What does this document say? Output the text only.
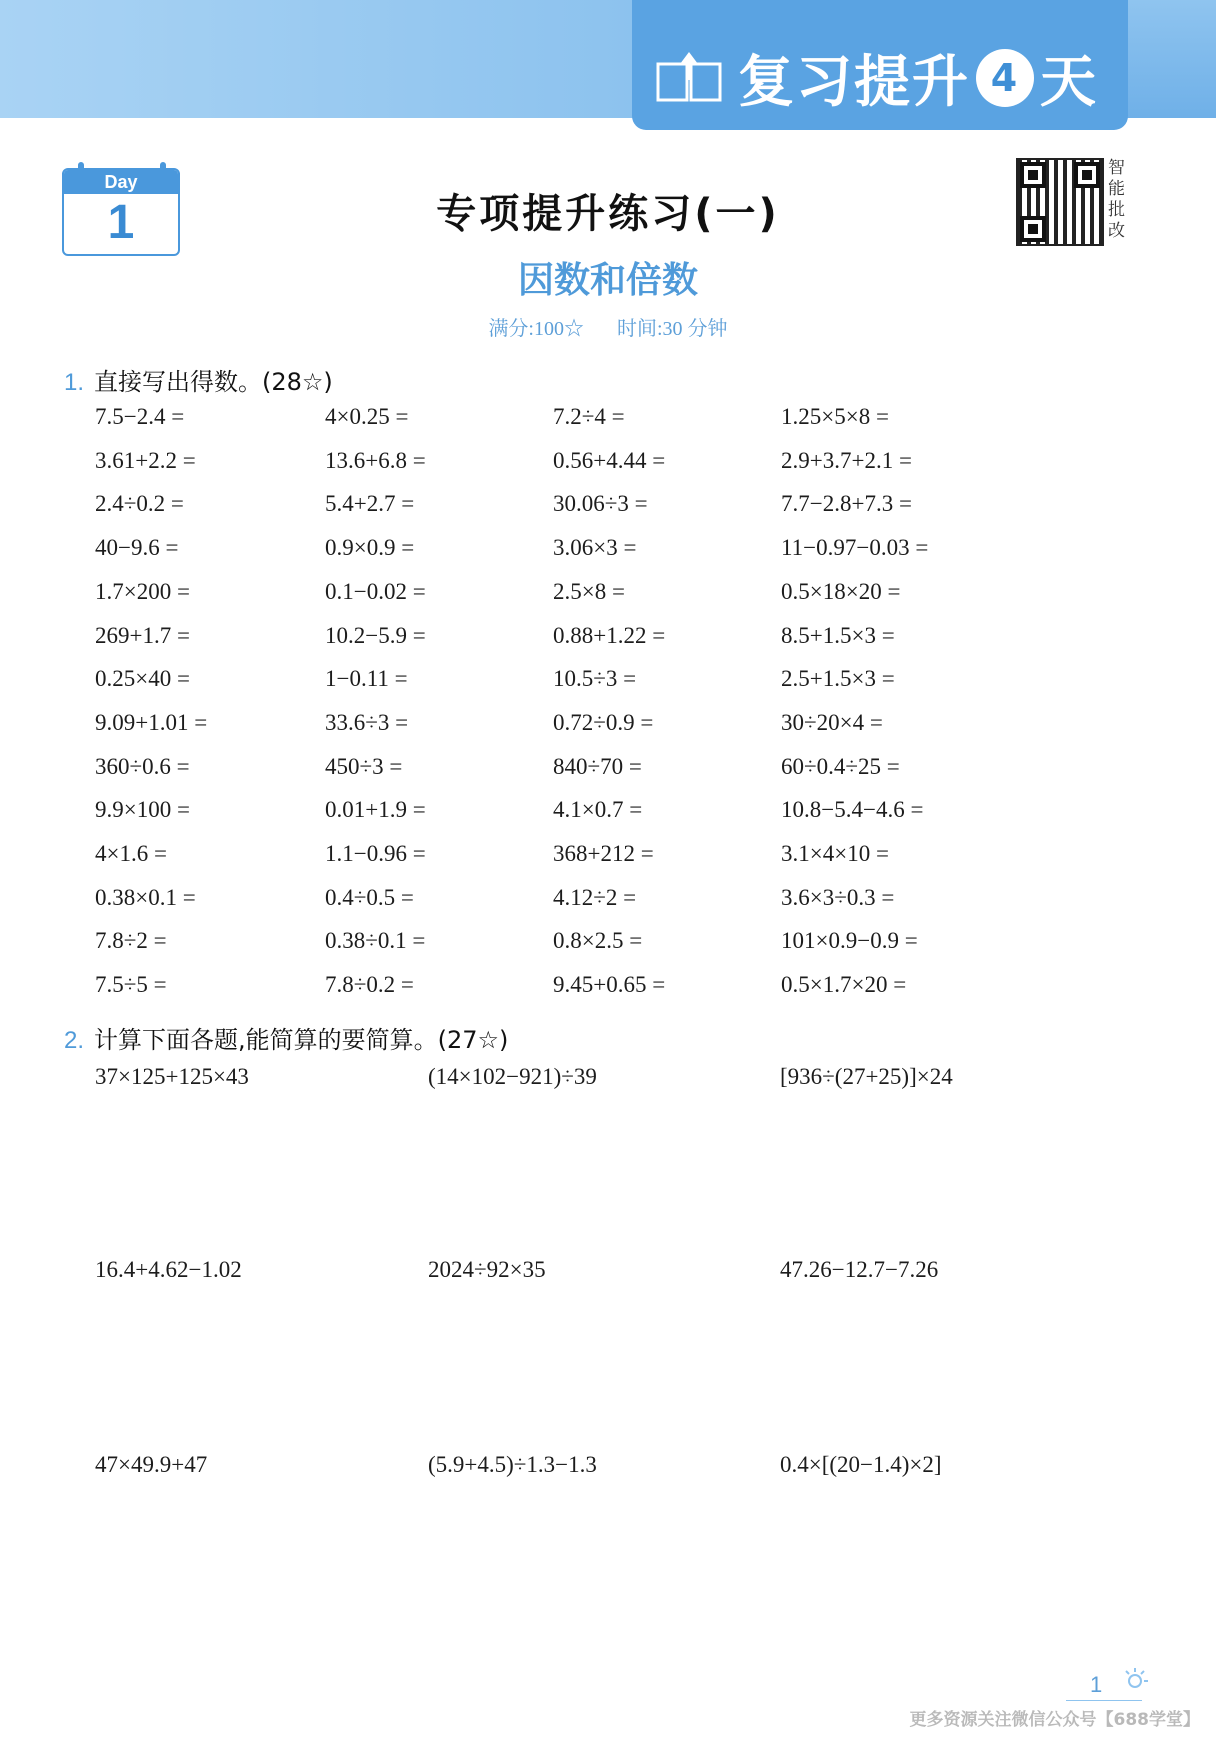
复习提升 4 天
Day
1
智能批改
专项提升练习(一)
因数和倍数
满分:100☆ 时间:30 分钟
1. 直接写出得数。(28☆)
7.5−2.4 =	4×0.25 =	7.2÷4 =	1.25×5×8 =
3.61+2.2 =	13.6+6.8 =	0.56+4.44 =	2.9+3.7+2.1 =
2.4÷0.2 =	5.4+2.7 =	30.06÷3 =	7.7−2.8+7.3 =
40−9.6 =	0.9×0.9 =	3.06×3 =	11−0.97−0.03 =
1.7×200 =	0.1−0.02 =	2.5×8 =	0.5×18×20 =
269+1.7 =	10.2−5.9 =	0.88+1.22 =	8.5+1.5×3 =
0.25×40 =	1−0.11 =	10.5÷3 =	2.5+1.5×3 =
9.09+1.01 =	33.6÷3 =	0.72÷0.9 =	30÷20×4 =
360÷0.6 =	450÷3 =	840÷70 =	60÷0.4÷25 =
9.9×100 =	0.01+1.9 =	4.1×0.7 =	10.8−5.4−4.6 =
4×1.6 =	1.1−0.96 =	368+212 =	3.1×4×10 =
0.38×0.1 =	0.4÷0.5 =	4.12÷2 =	3.6×3÷0.3 =
7.8÷2 =	0.38÷0.1 =	0.8×2.5 =	101×0.9−0.9 =
7.5÷5 =	7.8÷0.2 =	9.45+0.65 =	0.5×1.7×20 =
2. 计算下面各题,能简算的要简算。(27☆)
37×125+125×43	(14×102−921)÷39	[936÷(27+25)]×24
16.4+4.62−1.02	2024÷92×35	47.26−12.7−7.26
47×49.9+47	(5.9+4.5)÷1.3−1.3	0.4×[(20−1.4)×2]
1
更多资源关注微信公众号【688学堂】
